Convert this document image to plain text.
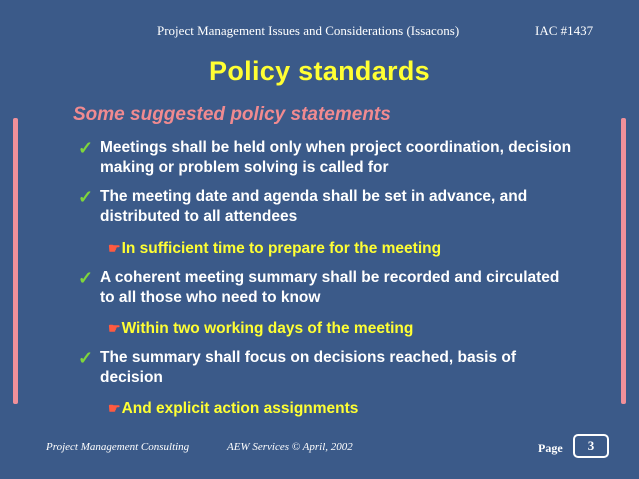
Project Management Issues and Considerations (Issacons)	IAC #1437
Policy standards
Some suggested policy statements
✓ Meetings shall be held only when project coordination, decision making or problem solving is called for
✓ The meeting date and agenda shall be set in advance, and distributed to all attendees
☛In sufficient time to prepare for the meeting
✓ A coherent meeting summary shall be recorded and circulated to all those who need to know
☛Within two working days of the meeting
✓ The summary shall focus on decisions reached, basis of decision
☛And explicit action assignments
Project Management Consulting	AEW Services © April, 2002	Page	3
